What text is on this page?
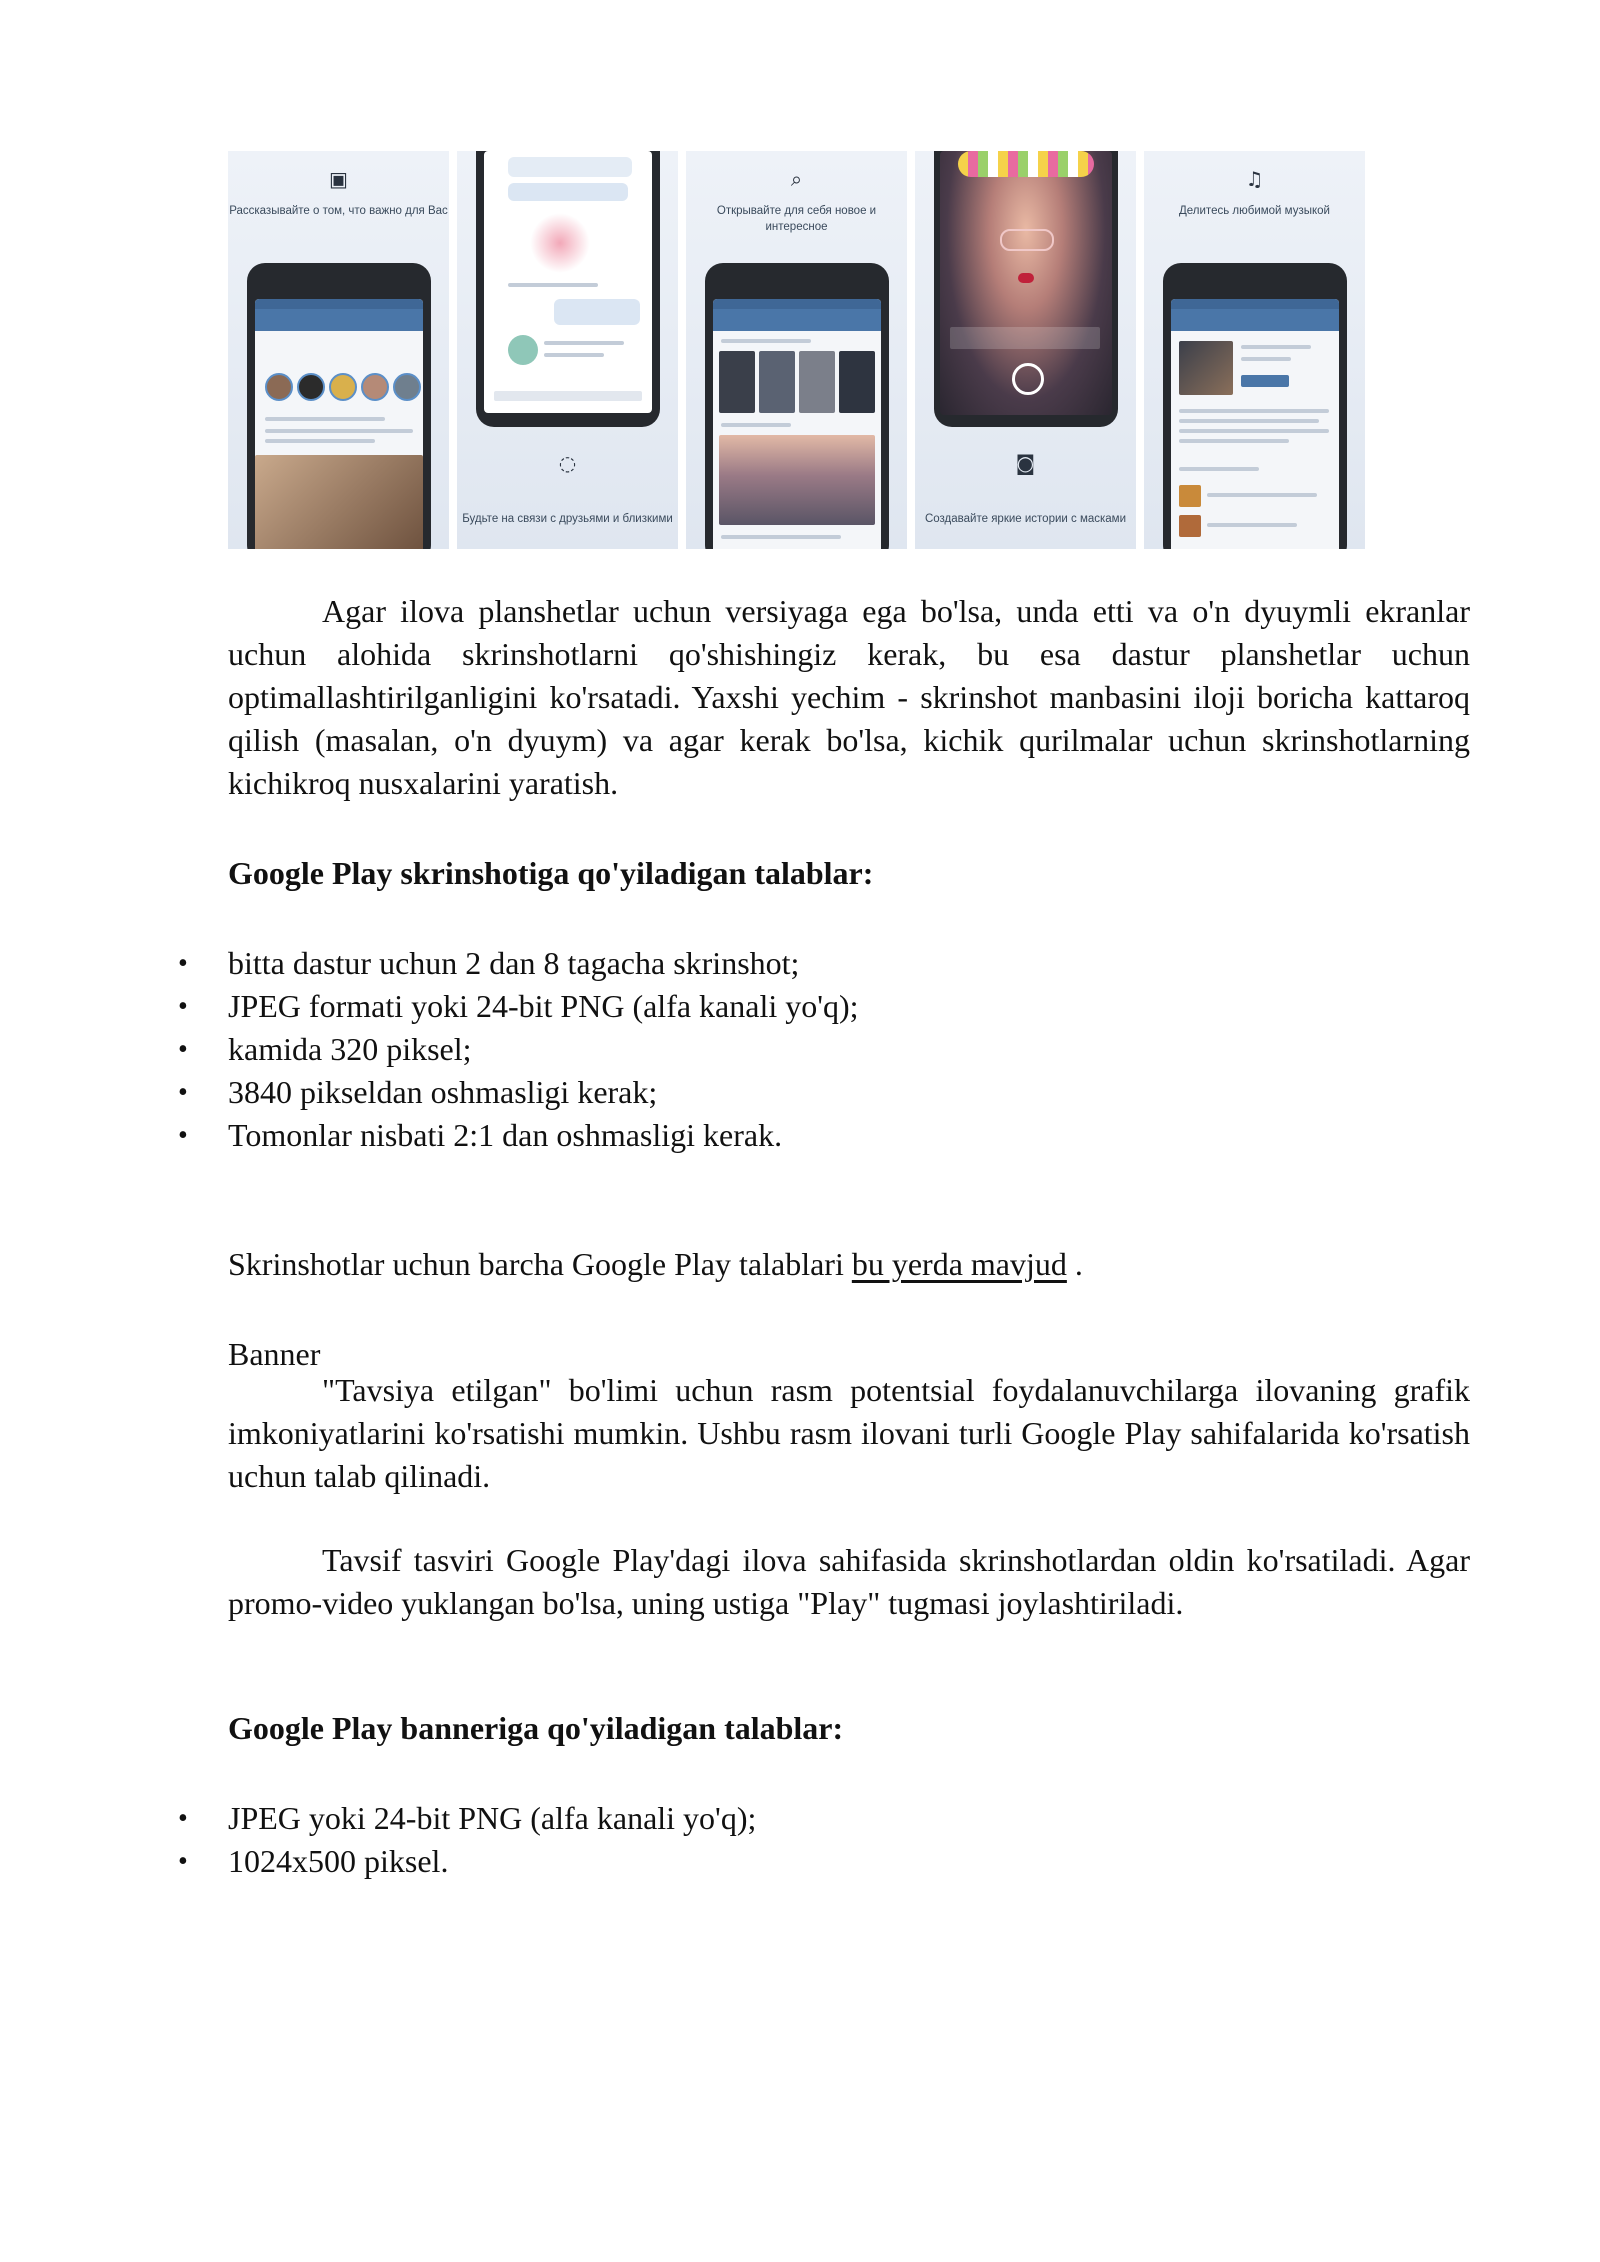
▣
Рассказывайте о том, что важно для Вас
◌
Будьте на связи с друзьями и близкими
⌕
Открывайте для себя новое и интересное
◙
Создавайте яркие истории с масками
♫
Делитесь любимой музыкой

Agar ilova planshetlar uchun versiyaga ega bo'lsa, unda etti va o'n dyuymli ekranlar uchun alohida skrinshotlarni qo'shishingiz kerak, bu esa dastur planshetlar uchun optimallashtirilganligini ko'rsatadi. Yaxshi yechim - skrinshot manbasini iloji boricha kattaroq qilish (masalan, o'n dyuym) va agar kerak bo'lsa, kichik qurilmalar uchun skrinshotlarning kichikroq nusxalarini yaratish.

Google Play skrinshotiga qo'yiladigan talablar:

• bitta dastur uchun 2 dan 8 tagacha skrinshot;
• JPEG formati yoki 24-bit PNG (alfa kanali yo'q);
• kamida 320 piksel;
• 3840 pikseldan oshmasligi kerak;
• Tomonlar nisbati 2:1 dan oshmasligi kerak.

Skrinshotlar uchun barcha Google Play talablari bu yerda mavjud .

Banner

"Tavsiya etilgan" bo'limi uchun rasm potentsial foydalanuvchilarga ilovaning grafik imkoniyatlarini ko'rsatishi mumkin. Ushbu rasm ilovani turli Google Play sahifalarida ko'rsatish uchun talab qilinadi.

Tavsif tasviri Google Play'dagi ilova sahifasida skrinshotlardan oldin ko'rsatiladi. Agar promo-video yuklangan bo'lsa, uning ustiga "Play" tugmasi joylashtiriladi.

Google Play banneriga qo'yiladigan talablar:

• JPEG yoki 24-bit PNG (alfa kanali yo'q);
• 1024x500 piksel.
